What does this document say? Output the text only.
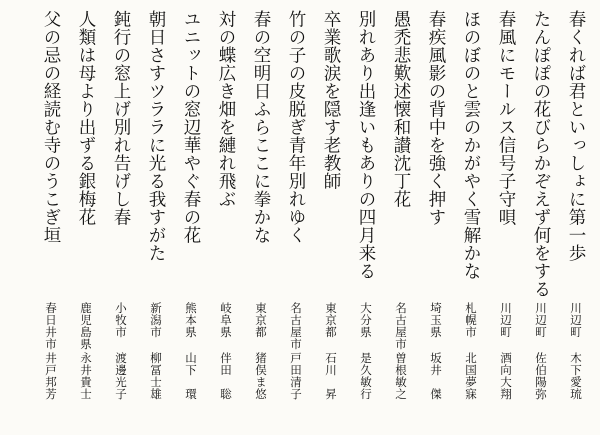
春くれば君といっしょに第一歩
川辺町
木下愛琉
たんぽぽの花びらかぞえず何をする
川辺町
佐伯陽弥
春風にモールス信号子守唄
川辺町
酒向大翔
ほのぼのと雲のかがやく雪解かな
札幌市
北国夢寐
春疾風影の背中を強く押す
埼玉県
坂井　傑
愚禿悲歎述懐和讃沈丁花
名古屋市
曽根敏之
別れあり出逢いもありの四月来る
大分県
是久敏行
卒業歌涙を隠す老教師
東京都
石川　昇
竹の子の皮脱ぎ青年別れゆく
名古屋市
戸田清子
春の空明日ふらここに拳かな
東京都
猪俣ま悠
対の蝶広き畑を縺れ飛ぶ
岐阜県
伴田　聡
ユニットの窓辺華やぐ春の花
熊本県
山下　環
朝日さすツララに光る我すがた
新潟市
柳冨士雄
鈍行の窓上げ別れ告げし春
小牧市
渡邊光子
人類は母より出ずる銀梅花
鹿児島県
永井貴士
父の忌の経読む寺のうこぎ垣
春日井市
井戸邦芳
